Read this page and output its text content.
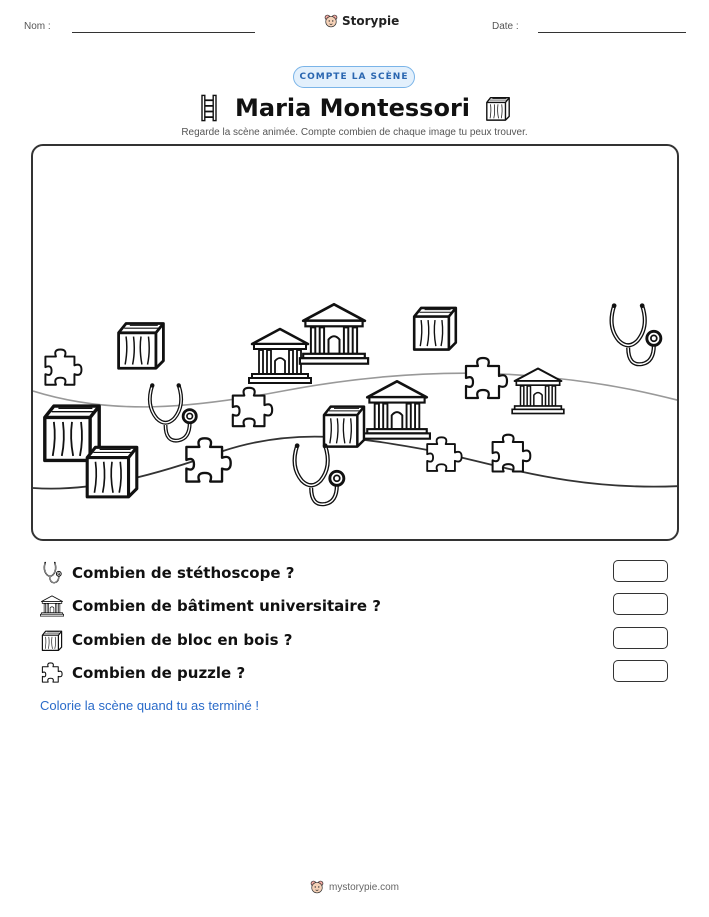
Nom :	Storypie	Date :
COMPTE LA SCÈNE
Maria Montessori
Regarde la scène animée. Compte combien de chaque image tu peux trouver.
Combien de stéthoscope ?
Combien de bâtiment universitaire ?
Combien de bloc en bois ?
Combien de puzzle ?
Colorie la scène quand tu as terminé !
mystorypie.com
